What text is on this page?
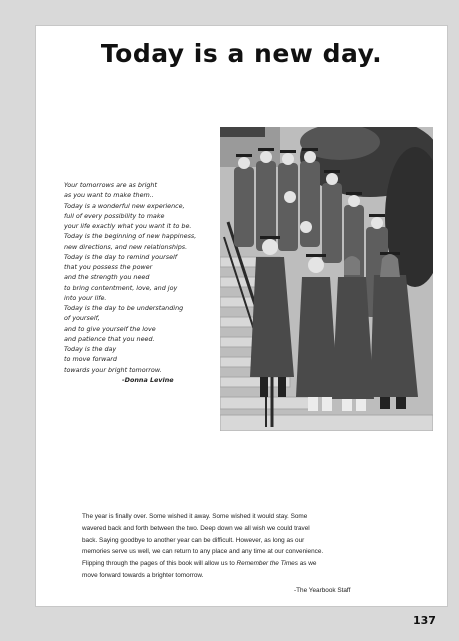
Today is a new day.
Your tomorrows are as bright
as you want to make them..
Today is a wonderful new experience,
full of every possibility to make
your life exactly what you want it to be.
Today is the beginning of new happiness,
new directions, and new relationships.
Today is the day to remind yourself
that you possess the power
and the strength you need
to bring contentment, love, and joy
into your life.
Today is the day to be understanding
of yourself,
and to give yourself the love
and patience that you need.
Today is the day
to move forward
towards your bright tomorrow.
-Donna Levine
The year is finally over. Some wished it away. Some wished it would stay. Some
wavered back and forth between the two. Deep down we all wish we could travel
back. Saying goodbye to another year can be difficult. However, as long as our
memories serve us well, we can return to any place and any time at our convenience.
Flipping through the pages of this book will allow us to Remember the Times as we
move forward towards a brighter tomorrow.
-The Yearbook Staff
137
